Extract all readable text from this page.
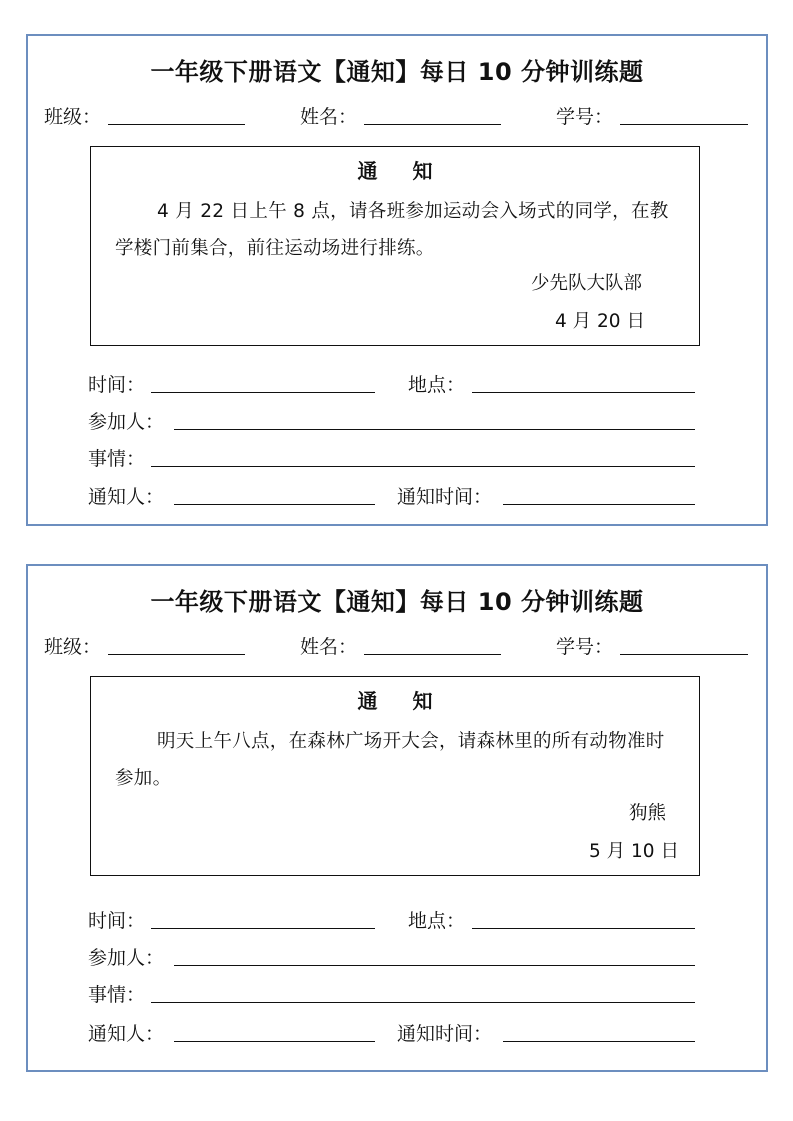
一年级下册语文【通知】每日 10 分钟训练题
班级：	姓名：	学号：
通 知
4 月 22 日上午 8 点，请各班参加运动会入场式的同学，在教学楼门前集合，前往运动场进行排练。
少先队大队部
4 月 20 日
时间：	地点：
参加人：
事情：
通知人：	通知时间：
一年级下册语文【通知】每日 10 分钟训练题
班级：	姓名：	学号：
通 知
明天上午八点，在森林广场开大会，请森林里的所有动物准时参加。
狗熊
5 月 10 日
时间：	地点：
参加人：
事情：
通知人：	通知时间：
